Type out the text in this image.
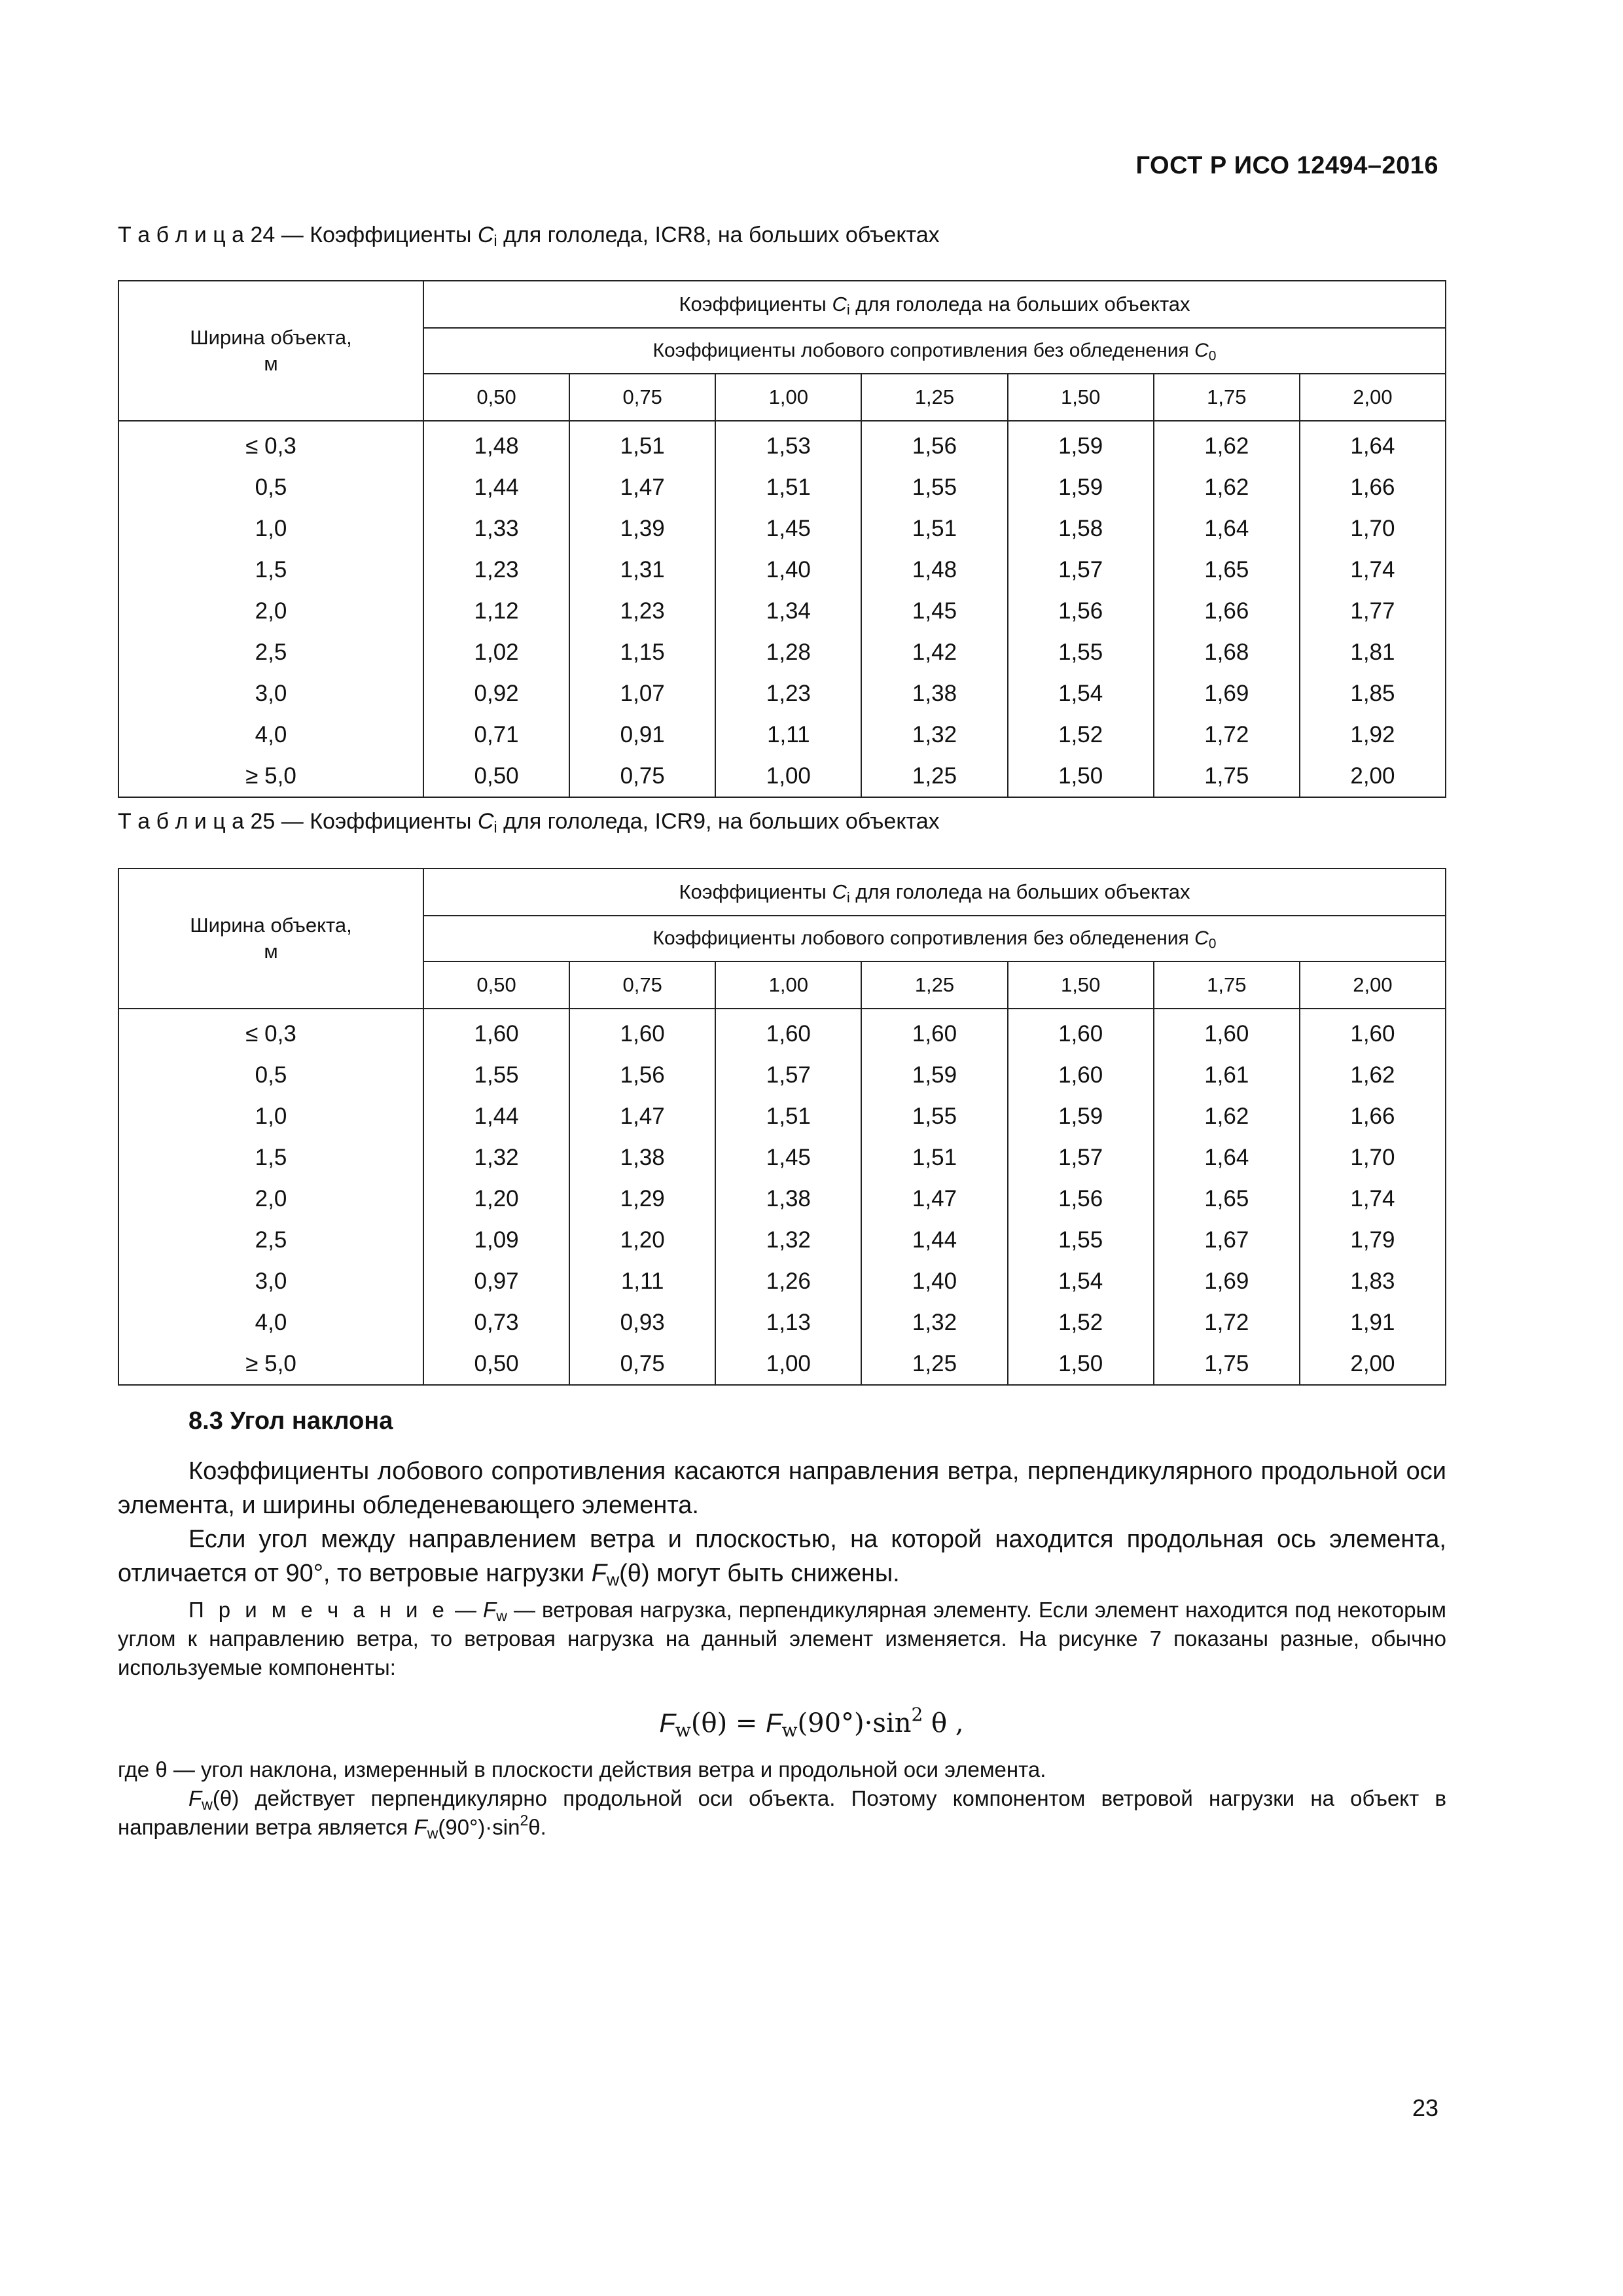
ГОСТ Р ИСО 12494–2016
Т а б л и ц а 24 — Коэффициенты $C_i$ для гололеда, ICR8, на больших объектах
Ширина объекта,
м	Коэффициенты $C_i$ для гололеда на больших объектах						
	Коэффициенты лобового сопротивления без обледенения $C_0$
	0,50	0,75	1,00	1,25	1,50	1,75	2,00

≤ 0,3	1,48	1,51	1,53	1,56	1,59	1,62	1,64
0,5	1,44	1,47	1,51	1,55	1,59	1,62	1,66
1,0	1,33	1,39	1,45	1,51	1,58	1,64	1,70
1,5	1,23	1,31	1,40	1,48	1,57	1,65	1,74
2,0	1,12	1,23	1,34	1,45	1,56	1,66	1,77
2,5	1,02	1,15	1,28	1,42	1,55	1,68	1,81
3,0	0,92	1,07	1,23	1,38	1,54	1,69	1,85
4,0	0,71	0,91	1,11	1,32	1,52	1,72	1,92
≥ 5,0	0,50	0,75	1,00	1,25	1,50	1,75	2,00
Т а б л и ц а 25 — Коэффициенты $C_i$ для гололеда, ICR9, на больших объектах
Ширина объекта,
м	Коэффициенты $C_i$ для гололеда на больших объектах						
	Коэффициенты лобового сопротивления без обледенения $C_0$
	0,50	0,75	1,00	1,25	1,50	1,75	2,00

≤ 0,3	1,60	1,60	1,60	1,60	1,60	1,60	1,60
0,5	1,55	1,56	1,57	1,59	1,60	1,61	1,62
1,0	1,44	1,47	1,51	1,55	1,59	1,62	1,66
1,5	1,32	1,38	1,45	1,51	1,57	1,64	1,70
2,0	1,20	1,29	1,38	1,47	1,56	1,65	1,74
2,5	1,09	1,20	1,32	1,44	1,55	1,67	1,79
3,0	0,97	1,11	1,26	1,40	1,54	1,69	1,83
4,0	0,73	0,93	1,13	1,32	1,52	1,72	1,91
≥ 5,0	0,50	0,75	1,00	1,25	1,50	1,75	2,00
8.3 Угол наклона
Коэффициенты лобового сопротивления касаются направления ветра, перпендикулярного продольной оси элемента, и ширины обледеневающего элемента.
Если угол между направлением ветра и плоскостью, на которой находится продольная ось элемента, отличается от 90°, то ветровые нагрузки $F_w(\theta)$ могут быть снижены.
П р и м е ч а н и е — $F_w$ — ветровая нагрузка, перпендикулярная элементу. Если элемент находится под некоторым углом к направлению ветра, то ветровая нагрузка на данный элемент изменяется. На рисунке 7 показаны разные, обычно используемые компоненты:
$F_w(\theta) = F_w(90^\circ)\cdot\sin^2$ θ ,
где θ — угол наклона, измеренный в плоскости действия ветра и продольной оси элемента.
$F_w(\theta)$ действует перпендикулярно продольной оси объекта. Поэтому компонентом ветровой нагрузки на объект в направлении ветра является $F_w(90^\circ)\cdot\sin^2\theta$.
23
